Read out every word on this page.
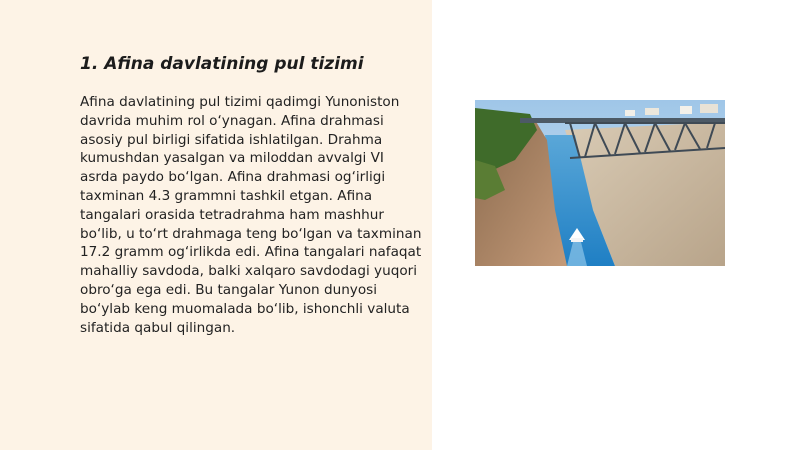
1. Afina davlatining pul tizimi
Afina davlatining pul tizimi qadimgi Yunoniston davrida muhim rol o‘ynagan. Afina drahmasi asosiy pul birligi sifatida ishlatilgan. Drahma kumushdan yasalgan va miloddan avvalgi VI asrda paydo bo‘lgan. Afina drahmasi og‘irligi taxminan 4.3 grammni tashkil etgan. Afina tangalari orasida tetradrahma ham mashhur bo‘lib, u to‘rt drahmaga teng bo‘lgan va taxminan 17.2 gramm og‘irlikda edi. Afina tangalari nafaqat mahalliy savdoda, balki xalqaro savdodagi yuqori obro‘ga ega edi. Bu tangalar Yunon dunyosi bo‘ylab keng muomalada bo‘lib, ishonchli valuta sifatida qabul qilingan.
